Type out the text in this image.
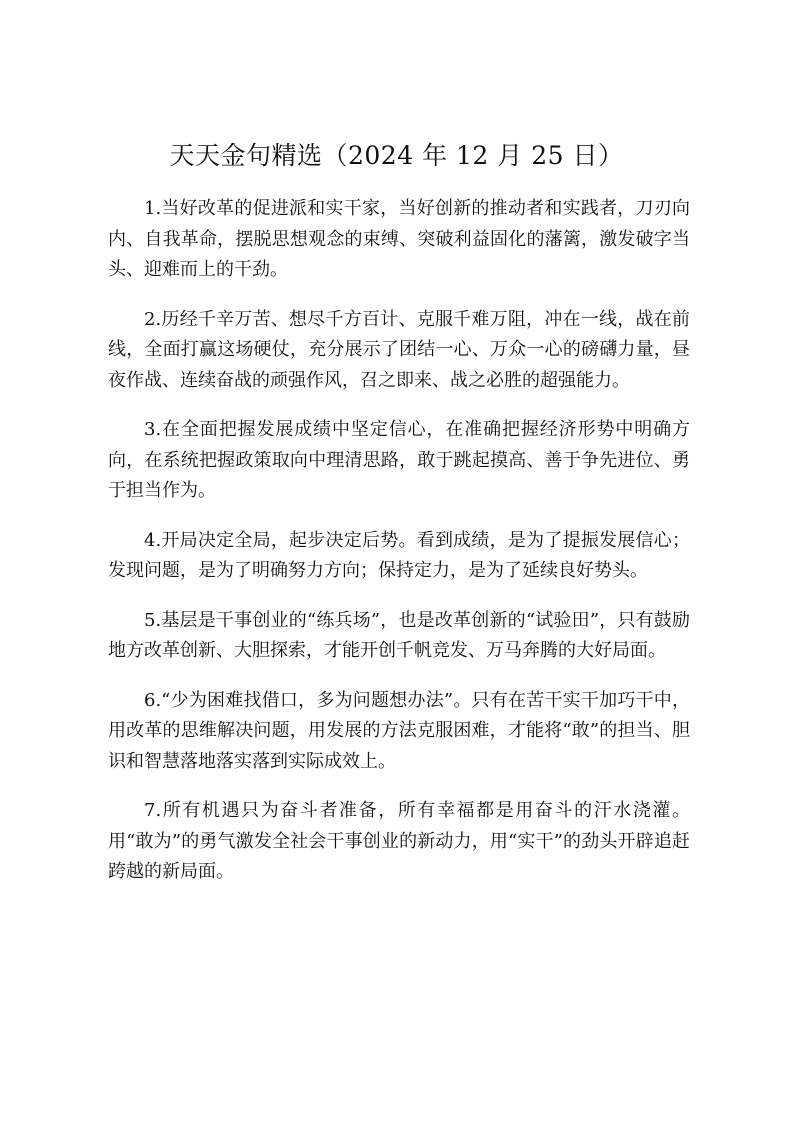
天天金句精选（2024 年 12 月 25 日）

1.当好改革的促进派和实干家，当好创新的推动者和实践者，刀刃向内、自我革命，摆脱思想观念的束缚、突破利益固化的藩篱，激发破字当头、迎难而上的干劲。

2.历经千辛万苦、想尽千方百计、克服千难万阻，冲在一线，战在前线，全面打赢这场硬仗，充分展示了团结一心、万众一心的磅礴力量，昼夜作战、连续奋战的顽强作风，召之即来、战之必胜的超强能力。

3.在全面把握发展成绩中坚定信心，在准确把握经济形势中明确方向，在系统把握政策取向中理清思路，敢于跳起摸高、善于争先进位、勇于担当作为。

4.开局决定全局，起步决定后势。看到成绩，是为了提振发展信心；发现问题，是为了明确努力方向；保持定力，是为了延续良好势头。

5.基层是干事创业的“练兵场”，也是改革创新的“试验田”，只有鼓励地方改革创新、大胆探索，才能开创千帆竞发、万马奔腾的大好局面。

6.“少为困难找借口，多为问题想办法”。只有在苦干实干加巧干中，用改革的思维解决问题，用发展的方法克服困难，才能将“敢”的担当、胆识和智慧落地落实落到实际成效上。

7.所有机遇只为奋斗者准备，所有幸福都是用奋斗的汗水浇灌。用“敢为”的勇气激发全社会干事创业的新动力，用“实干”的劲头开辟追赶跨越的新局面。
